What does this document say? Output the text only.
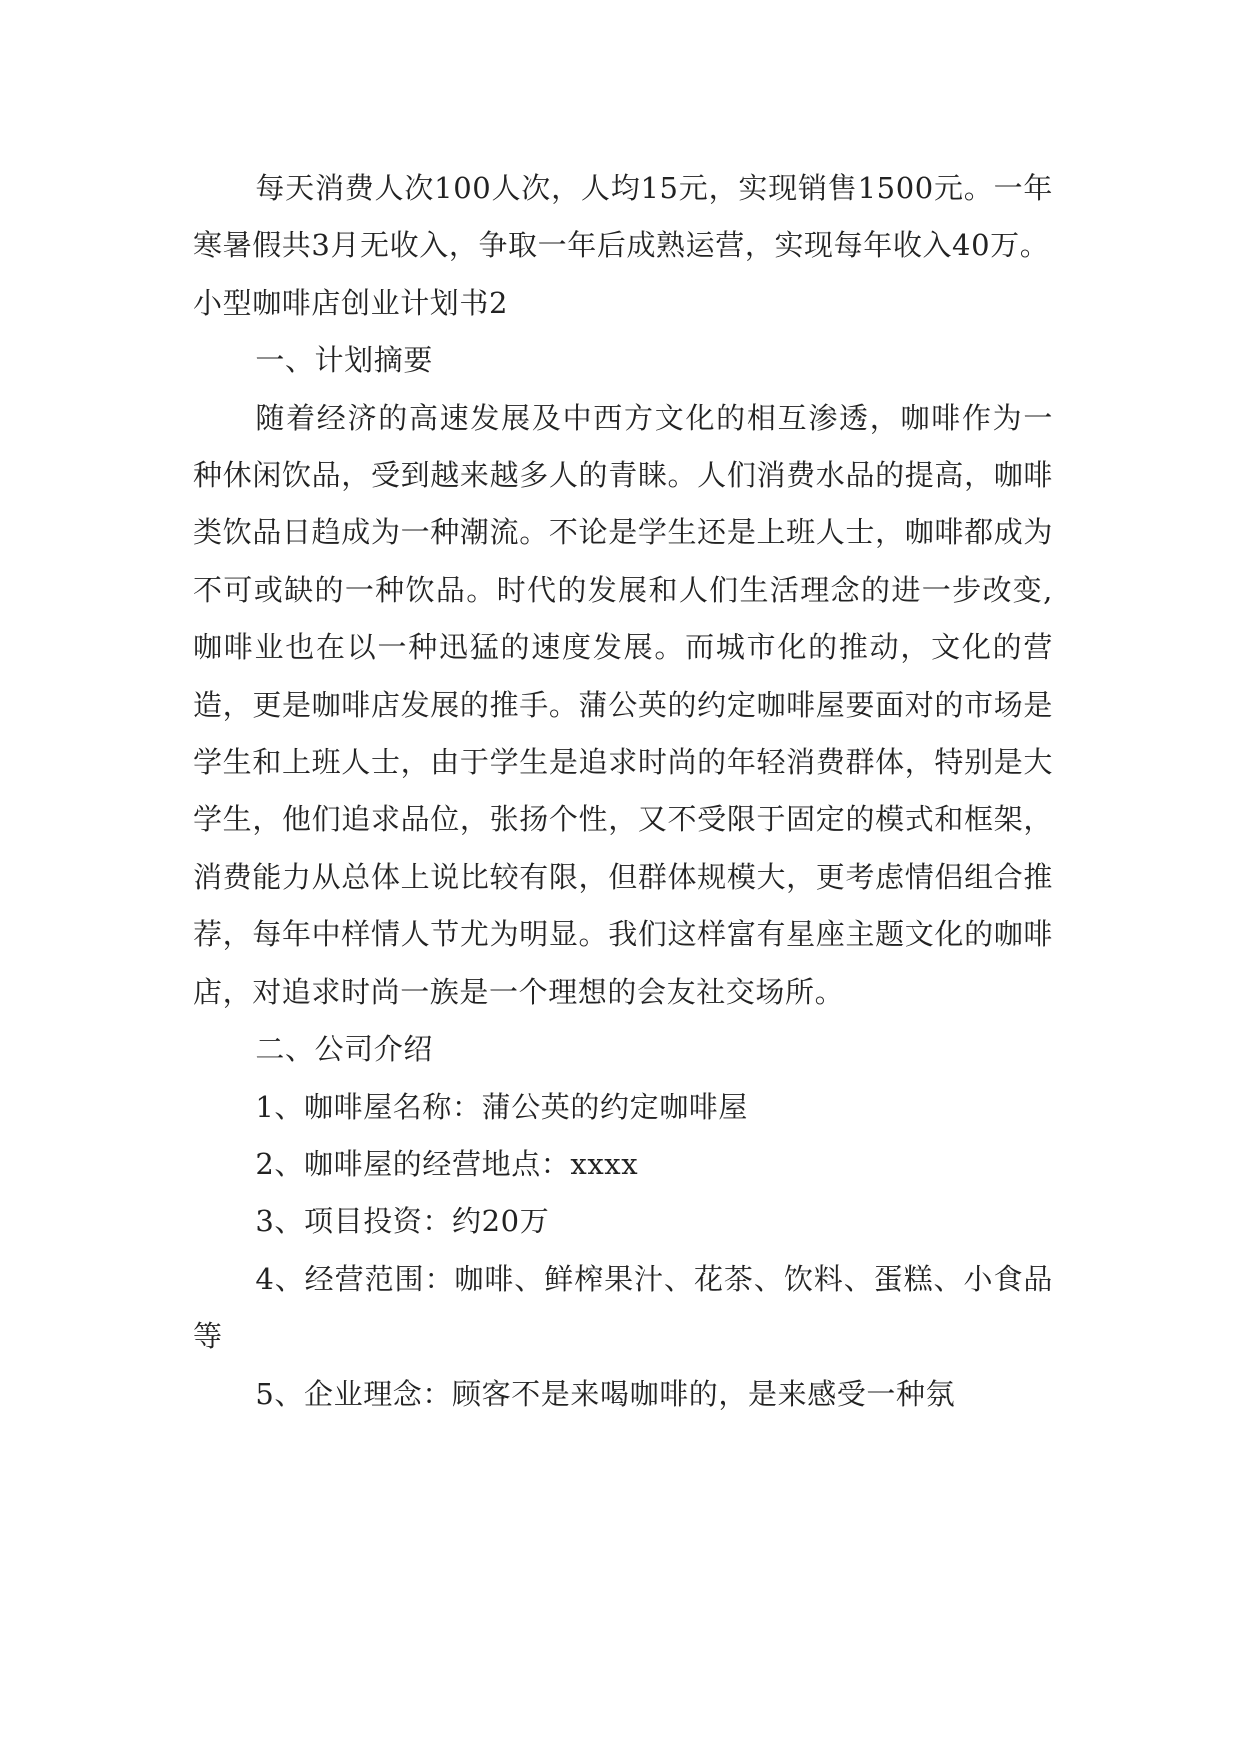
每天消费人次100人次，人均15元，实现销售1500元。一年寒暑假共3月无收入，争取一年后成熟运营，实现每年收入40万。

小型咖啡店创业计划书2

一、计划摘要

随着经济的高速发展及中西方文化的相互渗透，咖啡作为一种休闲饮品，受到越来越多人的青睐。人们消费水品的提高，咖啡类饮品日趋成为一种潮流。不论是学生还是上班人士，咖啡都成为不可或缺的一种饮品。时代的发展和人们生活理念的进一步改变,咖啡业也在以一种迅猛的速度发展。而城市化的推动，文化的营造，更是咖啡店发展的推手。蒲公英的约定咖啡屋要面对的市场是学生和上班人士，由于学生是追求时尚的年轻消费群体，特别是大学生，他们追求品位，张扬个性，又不受限于固定的模式和框架，消费能力从总体上说比较有限，但群体规模大，更考虑情侣组合推荐，每年中样情人节尤为明显。我们这样富有星座主题文化的咖啡店，对追求时尚一族是一个理想的会友社交场所。

二、公司介绍

1、咖啡屋名称：蒲公英的约定咖啡屋

2、咖啡屋的经营地点：xxxx

3、项目投资：约20万

4、经营范围：咖啡、鲜榨果汁、花茶、饮料、蛋糕、小食品等

5、企业理念：顾客不是来喝咖啡的，是来感受一种氛
